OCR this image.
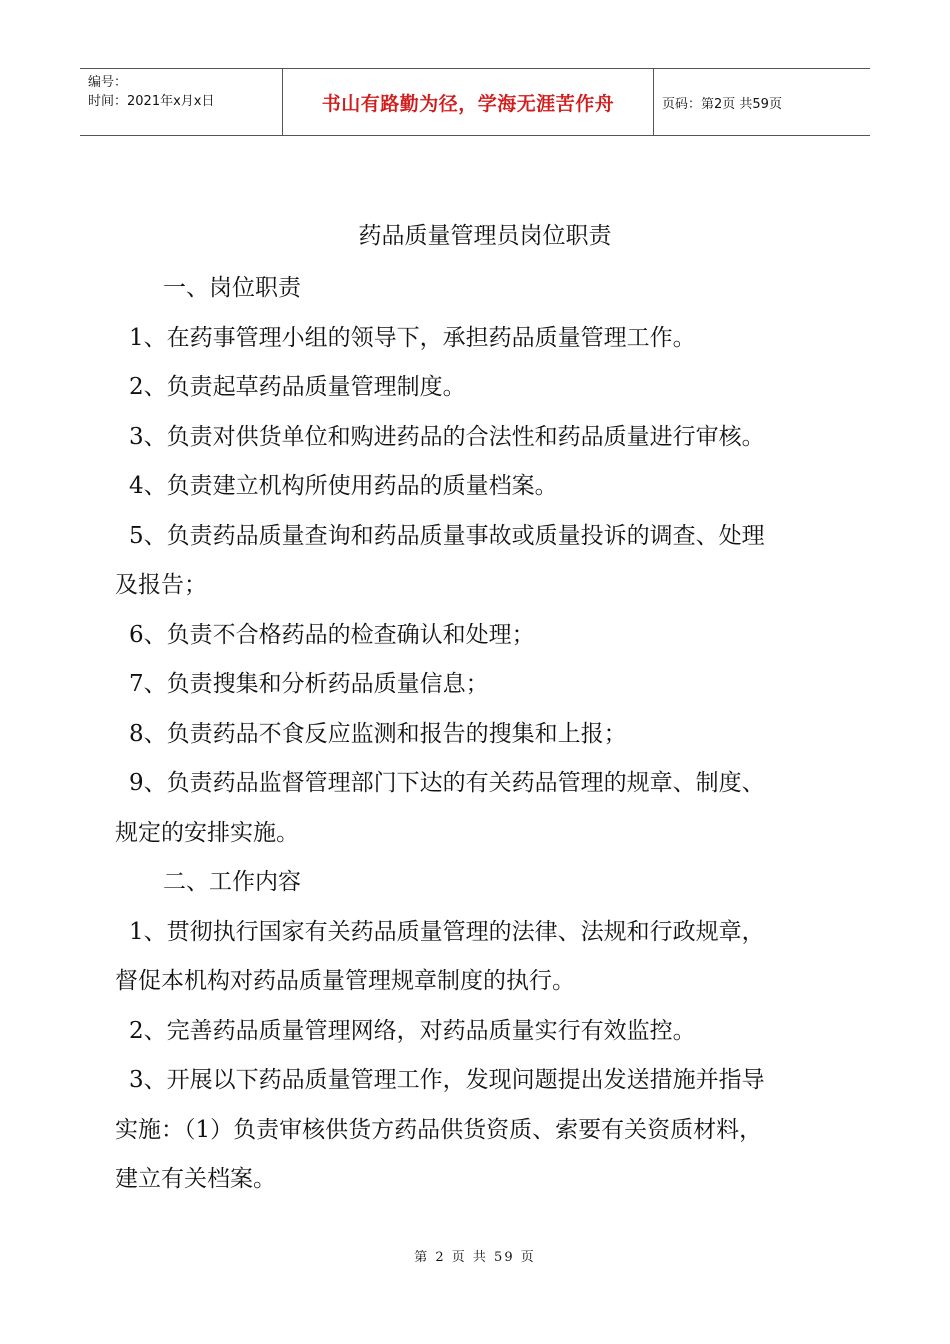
编号：
时间：2021年x月x日	书山有路勤为径，学海无涯苦作舟	页码：第2页 共59页

药品质量管理员岗位职责

一、岗位职责

1、在药事管理小组的领导下，承担药品质量管理工作。

2、负责起草药品质量管理制度。

3、负责对供货单位和购进药品的合法性和药品质量进行审核。

4、负责建立机构所使用药品的质量档案。

5、负责药品质量查询和药品质量事故或质量投诉的调查、处理

及报告；

6、负责不合格药品的检查确认和处理；

7、负责搜集和分析药品质量信息；

8、负责药品不食反应监测和报告的搜集和上报；

9、负责药品监督管理部门下达的有关药品管理的规章、制度、

规定的安排实施。

二、工作内容

1、贯彻执行国家有关药品质量管理的法律、法规和行政规章，

督促本机构对药品质量管理规章制度的执行。

2、完善药品质量管理网络，对药品质量实行有效监控。

3、开展以下药品质量管理工作，发现问题提出发送措施并指导

实施：（1）负责审核供货方药品供货资质、索要有关资质材料，

建立有关档案。

第 2 页 共 59 页
